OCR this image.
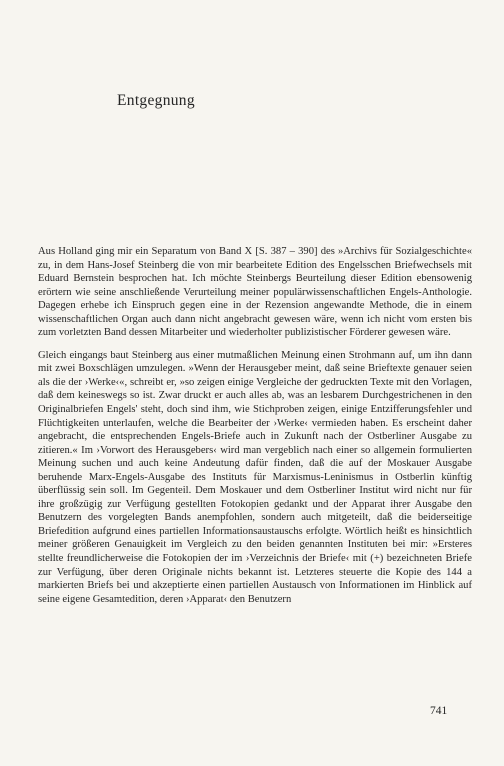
Entgegnung

Aus Holland ging mir ein Separatum von Band X [S. 387 – 390] des »Archivs für Sozialgeschichte« zu, in dem Hans-Josef Steinberg die von mir bearbeitete Edition des Engelsschen Briefwechsels mit Eduard Bernstein besprochen hat. Ich möchte Steinbergs Beurteilung dieser Edition ebensowenig erörtern wie seine anschließende Verurteilung meiner populärwissenschaftlichen Engels-Anthologie. Dagegen erhebe ich Einspruch gegen eine in der Rezension angewandte Methode, die in einem wissenschaftlichen Organ auch dann nicht angebracht gewesen wäre, wenn ich nicht vom ersten bis zum vorletzten Band dessen Mitarbeiter und wiederholter publizistischer Förderer gewesen wäre.

Gleich eingangs baut Steinberg aus einer mutmaßlichen Meinung einen Strohmann auf, um ihn dann mit zwei Boxschlägen umzulegen. »Wenn der Herausgeber meint, daß seine Brieftexte genauer seien als die der ›Werke‹«, schreibt er, »so zeigen einige Vergleiche der gedruckten Texte mit den Vorlagen, daß dem keineswegs so ist. Zwar druckt er auch alles ab, was an lesbarem Durchgestrichenen in den Originalbriefen Engels' steht, doch sind ihm, wie Stichproben zeigen, einige Entzifferungsfehler und Flüchtigkeiten unterlaufen, welche die Bearbeiter der ›Werke‹ vermieden haben. Es erscheint daher angebracht, die entsprechenden Engels-Briefe auch in Zukunft nach der Ostberliner Ausgabe zu zitieren.« Im ›Vorwort des Herausgebers‹ wird man vergeblich nach einer so allgemein formulierten Meinung suchen und auch keine Andeutung dafür finden, daß die auf der Moskauer Ausgabe beruhende Marx-Engels-Ausgabe des Instituts für Marxismus-Leninismus in Ostberlin künftig überflüssig sein soll. Im Gegenteil. Dem Moskauer und dem Ostberliner Institut wird nicht nur für ihre großzügig zur Verfügung gestellten Fotokopien gedankt und der Apparat ihrer Ausgabe den Benutzern des vorgelegten Bands anempfohlen, sondern auch mitgeteilt, daß die beiderseitige Briefedition aufgrund eines partiellen Informationsaustauschs erfolgte. Wörtlich heißt es hinsichtlich meiner größeren Genauigkeit im Vergleich zu den beiden genannten Instituten bei mir: »Ersteres stellte freundlicherweise die Fotokopien der im ›Verzeichnis der Briefe‹ mit (+) bezeichneten Briefe zur Verfügung, über deren Originale nichts bekannt ist. Letzteres steuerte die Kopie des 144 a markierten Briefs bei und akzeptierte einen partiellen Austausch von Informationen im Hinblick auf seine eigene Gesamtedition, deren ›Apparat‹ den Benutzern

741
